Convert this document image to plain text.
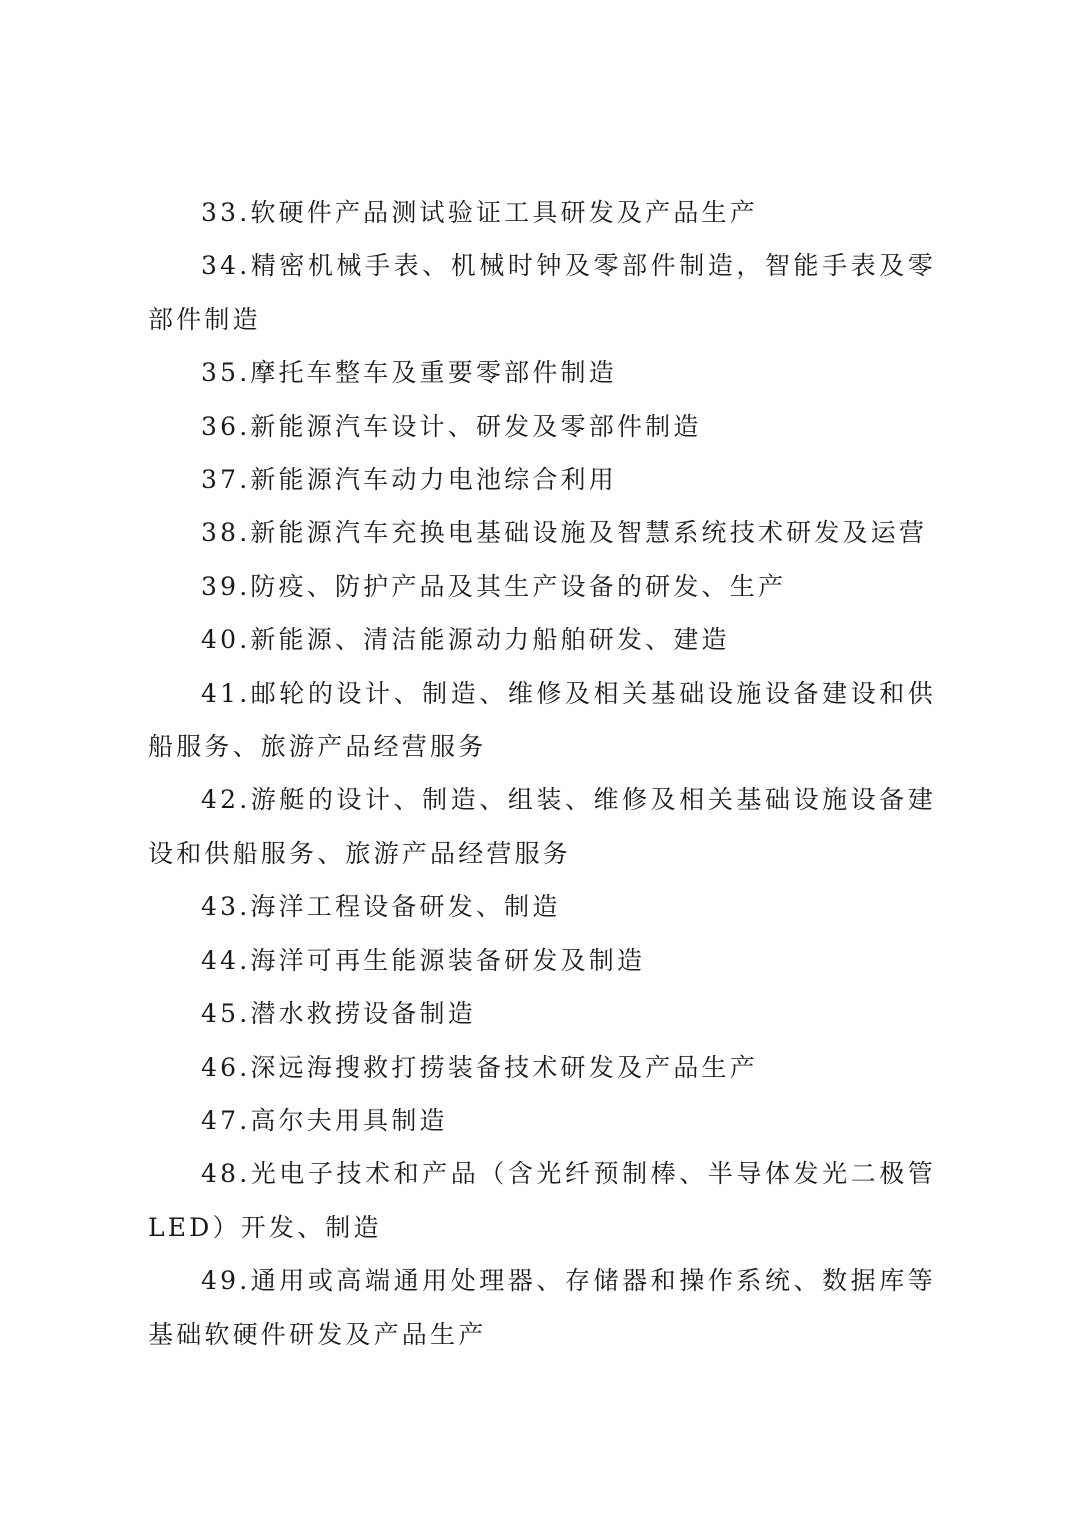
33.软硬件产品测试验证工具研发及产品生产

34.精密机械手表、机械时钟及零部件制造，智能手表及零部件制造

35.摩托车整车及重要零部件制造

36.新能源汽车设计、研发及零部件制造

37.新能源汽车动力电池综合利用

38.新能源汽车充换电基础设施及智慧系统技术研发及运营

39.防疫、防护产品及其生产设备的研发、生产

40.新能源、清洁能源动力船舶研发、建造

41.邮轮的设计、制造、维修及相关基础设施设备建设和供船服务、旅游产品经营服务

42.游艇的设计、制造、组装、维修及相关基础设施设备建设和供船服务、旅游产品经营服务

43.海洋工程设备研发、制造

44.海洋可再生能源装备研发及制造

45.潜水救捞设备制造

46.深远海搜救打捞装备技术研发及产品生产

47.高尔夫用具制造

48.光电子技术和产品（含光纤预制棒、半导体发光二极管LED）开发、制造

49.通用或高端通用处理器、存储器和操作系统、数据库等基础软硬件研发及产品生产
